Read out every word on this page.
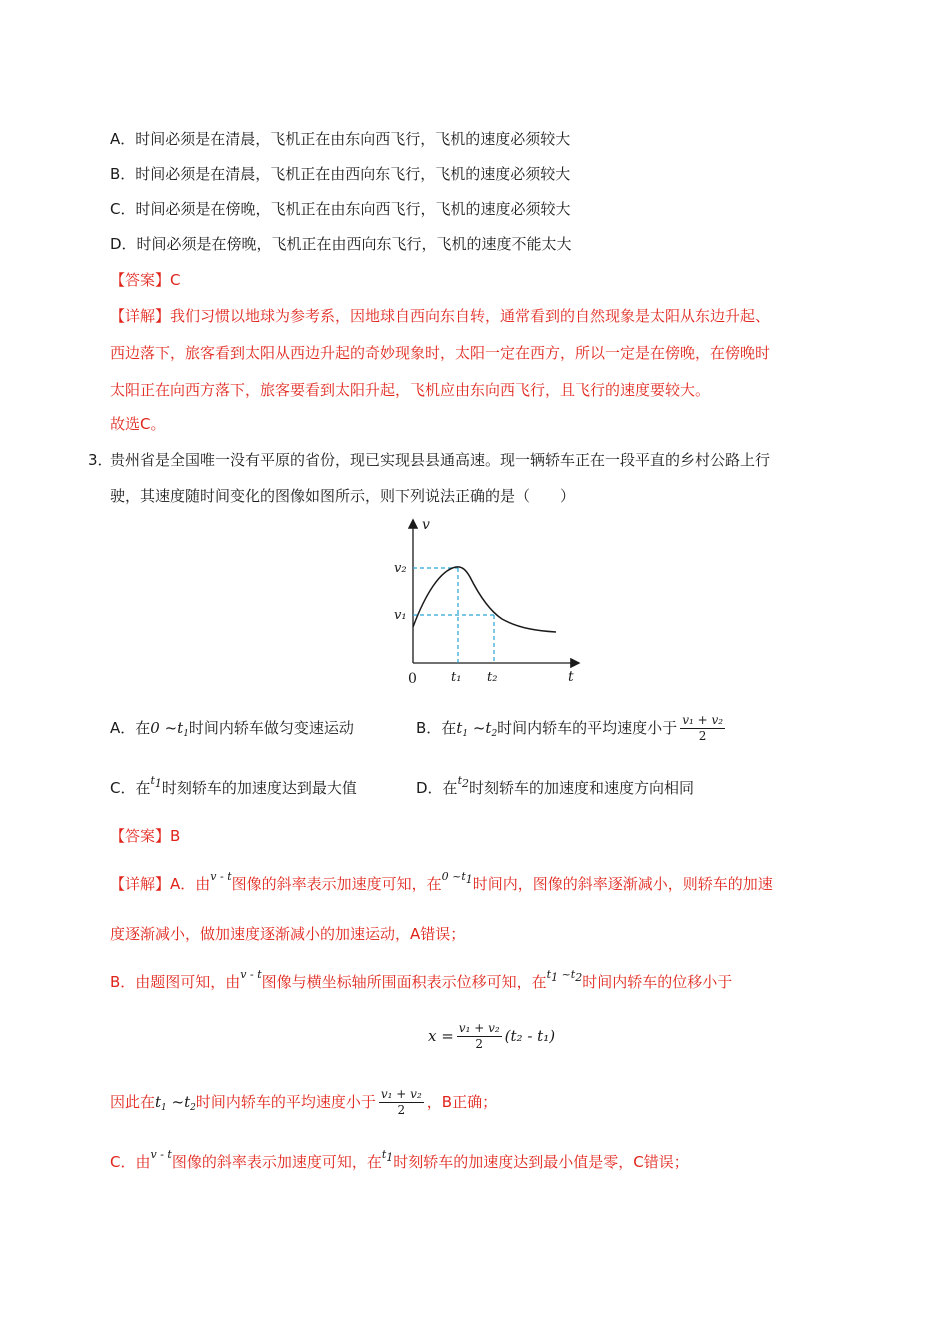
A．时间必须是在清晨，飞机正在由东向西飞行，飞机的速度必须较大
B．时间必须是在清晨，飞机正在由西向东飞行，飞机的速度必须较大
C．时间必须是在傍晚，飞机正在由东向西飞行，飞机的速度必须较大
D．时间必须是在傍晚，飞机正在由西向东飞行，飞机的速度不能太大
【答案】C
【详解】我们习惯以地球为参考系，因地球自西向东自转，通常看到的自然现象是太阳从东边升起、
西边落下，旅客看到太阳从西边升起的奇妙现象时，太阳一定在西方，所以一定是在傍晚，在傍晚时
太阳正在向西方落下，旅客要看到太阳升起，飞机应由东向西飞行，且飞行的速度要较大。
故选C。
3．
贵州省是全国唯一没有平原的省份，现已实现县县通高速。现一辆轿车正在一段平直的乡村公路上行
驶，其速度随时间变化的图像如图所示，则下列说法正确的是（　　）
v
t
0
v₂
v₁
t₁ t₂
A．在0 $\sim t_1$时间内轿车做匀变速运动	B．在$t_1$ $\sim t_2$时间内轿车的平均速度小于 $\frac{\text{v₁ + v₂}}{2}$
C．在$^{t1}$时刻轿车的加速度达到最大值	D．在$^{t2}$时刻轿车的加速度和速度方向相同
【答案】B
【详解】A．由$^{v - t}$图像的斜率表示加速度可知，在$^{0 \sim t1}$时间内，图像的斜率逐渐减小，则轿车的加速
度逐渐减小，做加速度逐渐减小的加速运动，A错误；
B．由题图可知，由$^{v - t}$图像与横坐标轴所围面积表示位移可知，在$^{t1}$ $^{\sim t2}$时间内轿车的位移小于
$x = \frac{\text{v₁ + v₂}}{2} (t_2 - t_1)$
因此在$t_1$ $\sim t_2$时间内轿车的平均速度小于 $\frac{\text{v₁ + v₂}}{2}$ ，B正确；
C．由$^{v - t}$图像的斜率表示加速度可知，在$^{t1}$时刻轿车的加速度达到最小值是零，C错误；
